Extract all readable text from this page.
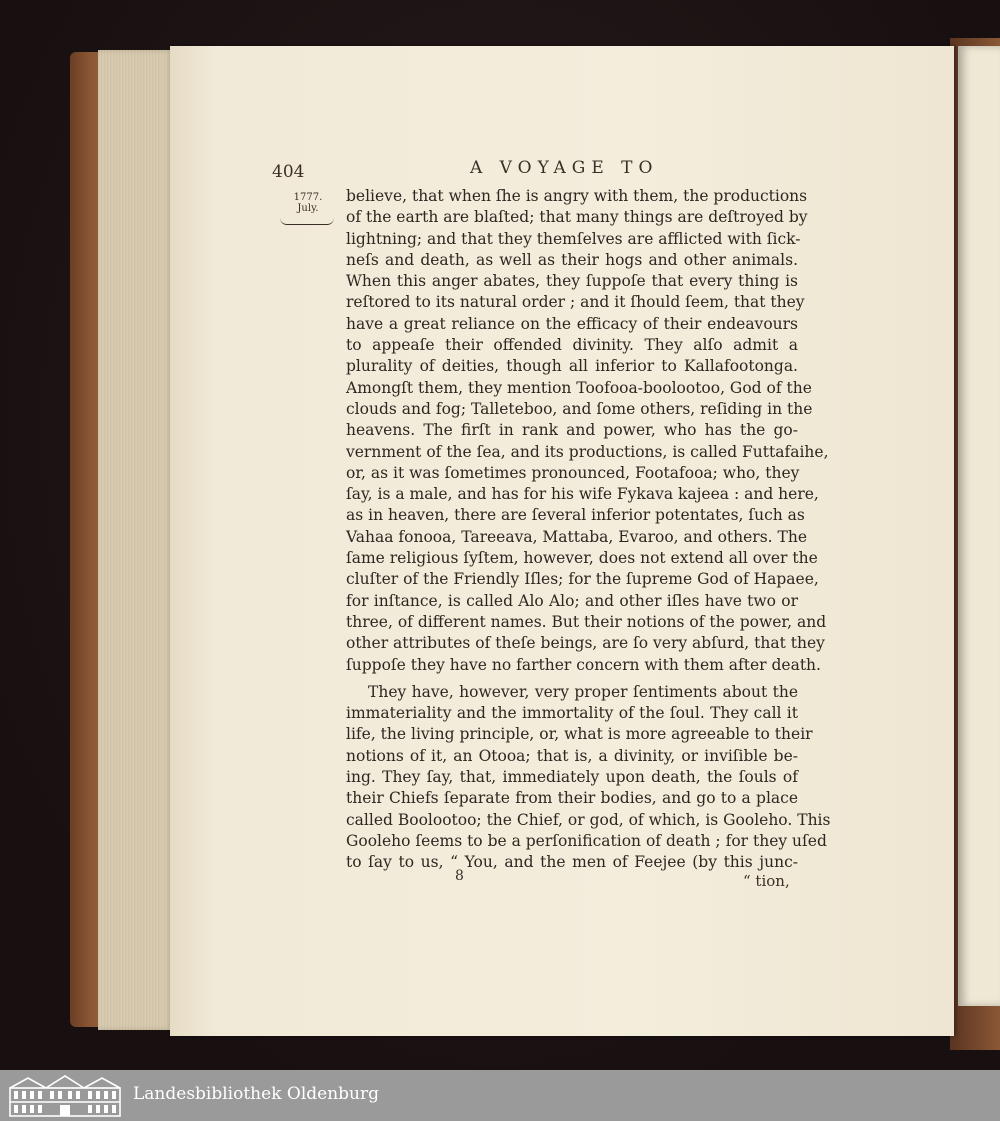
404	A VOYAGE TO
1777.
July.
believe, that when ſhe is angry with them, the productions
of the earth are blaſted; that many things are deſtroyed by
lightning; and that they themſelves are afflicted with ſick-
neſs and death, as well as their hogs and other animals.
When this anger abates, they ſuppoſe that every thing is
reſtored to its natural order ; and it ſhould ſeem, that they
have a great reliance on the efficacy of their endeavours
to appeaſe their offended divinity. They alſo admit a
plurality of deities, though all inferior to Kallafootonga.
Amongſt them, they mention Toofooa-boolootoo, God of the
clouds and fog; Talleteboo, and ſome others, reſiding in the
heavens. The firſt in rank and power, who has the go-
vernment of the ſea, and its productions, is called Futtafaihe,
or, as it was ſometimes pronounced, Footafooa; who, they
ſay, is a male, and has for his wife Fykava kajeea : and here,
as in heaven, there are ſeveral inferior potentates, ſuch as
Vahaa fonooa, Tareeava, Mattaba, Evaroo, and others. The
ſame religious ſyſtem, however, does not extend all over the
cluſter of the Friendly Iſles; for the ſupreme God of Hapaee,
for inſtance, is called Alo Alo; and other iſles have two or
three, of different names. But their notions of the power, and
other attributes of theſe beings, are ſo very abſurd, that they
ſuppoſe they have no farther concern with them after death.
They have, however, very proper ſentiments about the
immateriality and the immortality of the ſoul. They call it
life, the living principle, or, what is more agreeable to their
notions of it, an Otooa; that is, a divinity, or inviſible be-
ing. They ſay, that, immediately upon death, the ſouls of
their Chiefs ſeparate from their bodies, and go to a place
called Boolootoo; the Chief, or god, of which, is Gooleho. This
Gooleho ſeems to be a perſonification of death ; for they uſed
to ſay to us, “ You, and the men of Feejee (by this junc-
8	“ tion,
Landesbibliothek Oldenburg
